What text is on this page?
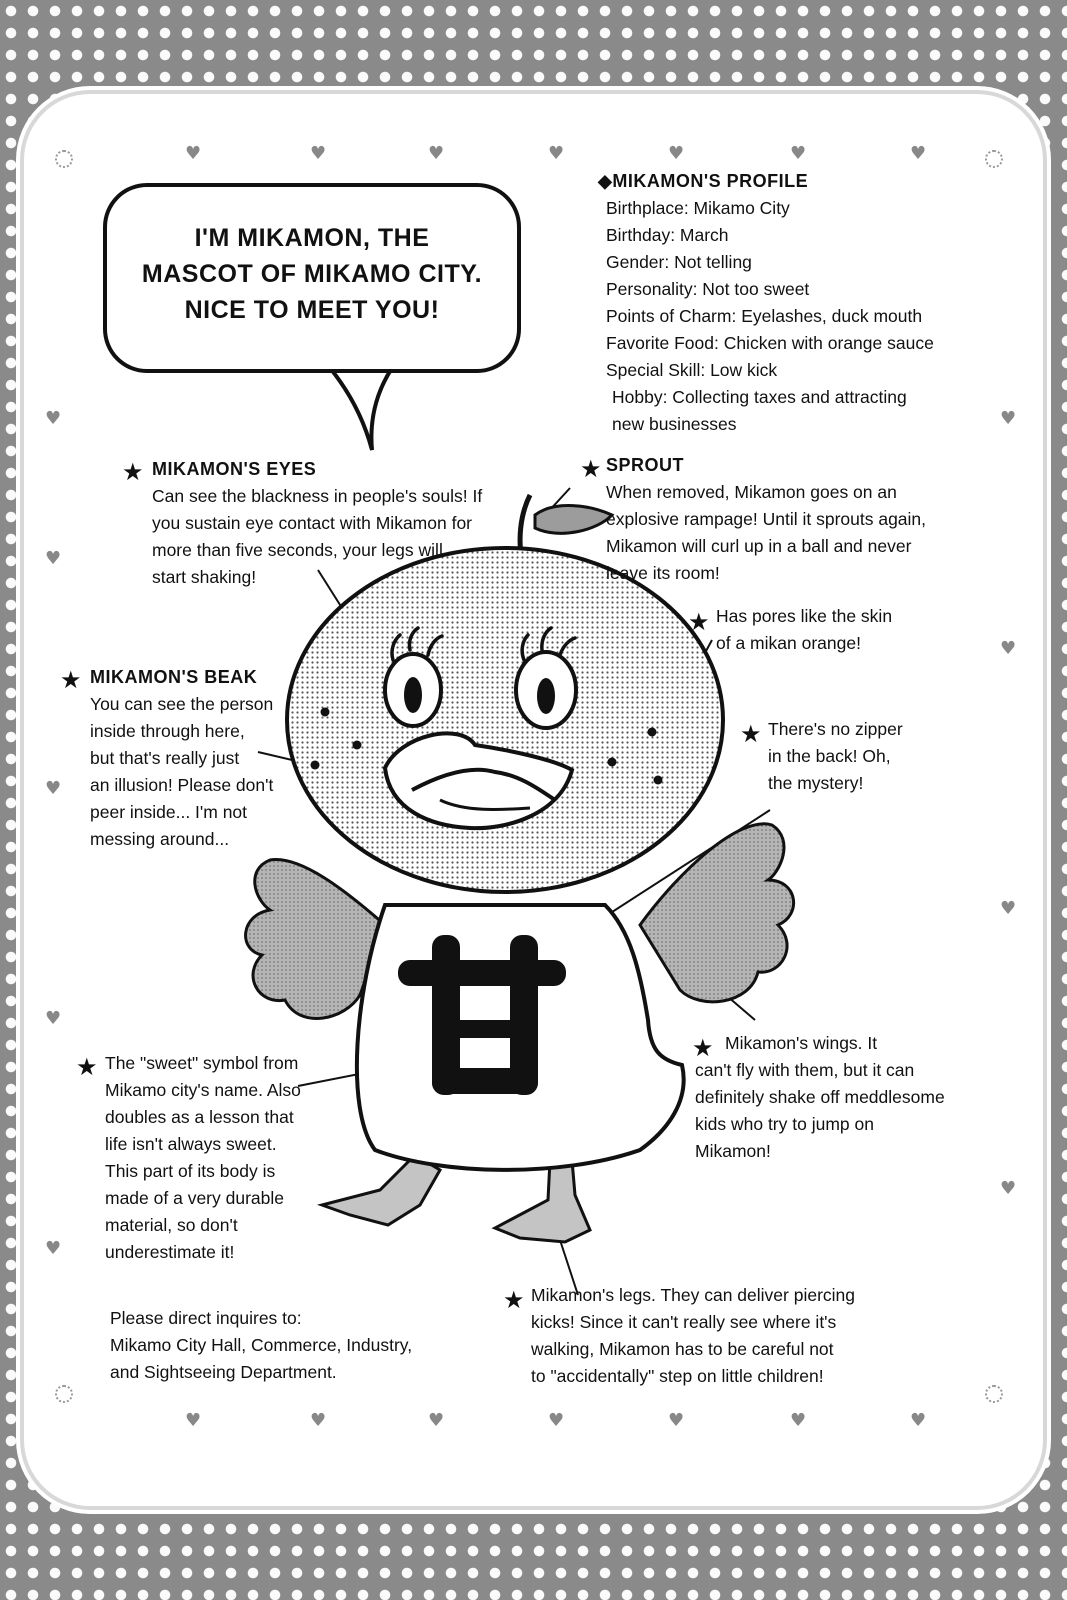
♥	♥	♥	♥	♥	♥	♥
♥	♥	♥	♥	♥	♥	♥
♥
♥
♥
♥
♥
♥
♥
♥
♥
I'M MIKAMON, THE
MASCOT OF MIKAMO CITY.
NICE TO MEET YOU!
◆MIKAMON'S PROFILE
Birthplace: Mikamo City
Birthday: March
Gender: Not telling
Personality: Not too sweet
Points of Charm: Eyelashes, duck mouth
Favorite Food: Chicken with orange sauce
Special Skill: Low kick
Hobby: Collecting taxes and attracting
new businesses
★ MIKAMON'S EYES
Can see the blackness in people's souls! If
you sustain eye contact with Mikamon for
more than five seconds, your legs will
start shaking!
★ SPROUT
When removed, Mikamon goes on an
explosive rampage! Until it sprouts again,
Mikamon will curl up in a ball and never
leave its room!
★ Has pores like the skin
of a mikan orange!
★ MIKAMON'S BEAK
You can see the person
inside through here,
but that's really just
an illusion! Please don't
peer inside... I'm not
messing around...
★ There's no zipper
in the back! Oh,
the mystery!
★ The "sweet" symbol from
Mikamo city's name. Also
doubles as a lesson that
life isn't always sweet.
This part of its body is
made of a very durable
material, so don't
underestimate it!
★ Mikamon's wings. It
can't fly with them, but it can
definitely shake off meddlesome
kids who try to jump on
Mikamon!
Please direct inquires to:
Mikamo City Hall, Commerce, Industry,
and Sightseeing Department.
★ Mikamon's legs. They can deliver piercing
kicks! Since it can't really see where it's
walking, Mikamon has to be careful not
to "accidentally" step on little children!
